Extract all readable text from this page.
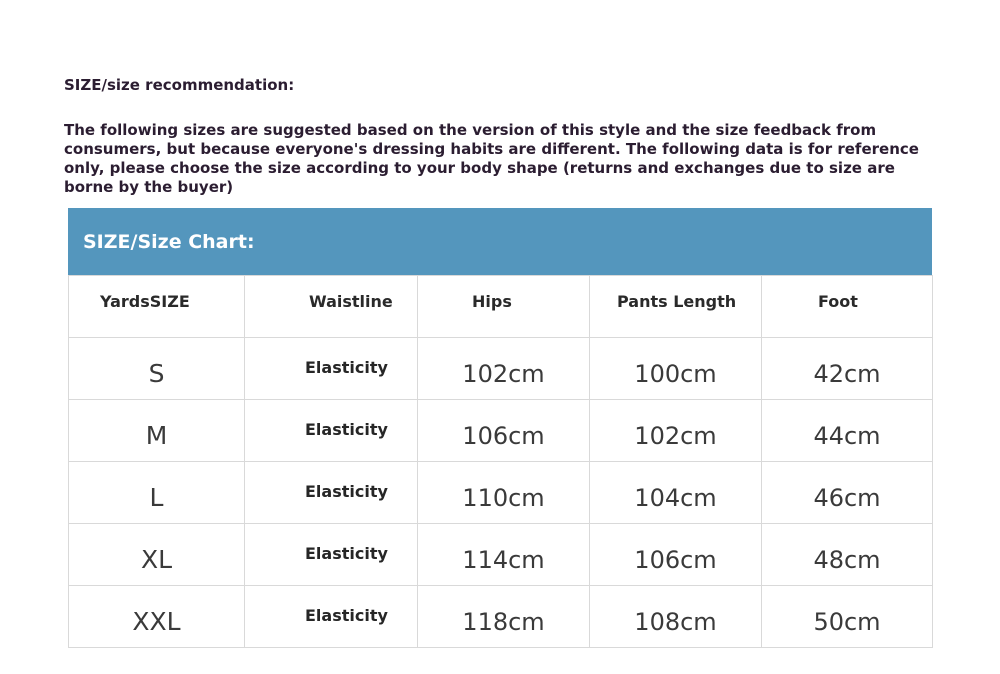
SIZE/size recommendation:

The following sizes are suggested based on the version of this style and the size feedback from consumers, but because everyone's dressing habits are different. The following data is for reference only, please choose the size according to your body shape (returns and exchanges due to size are borne by the buyer)

SIZE/Size Chart:
YardsSIZE	Waistline	Hips	Pants Length	Foot
S	Elasticity	102cm	100cm	42cm
M	Elasticity	106cm	102cm	44cm
L	Elasticity	110cm	104cm	46cm
XL	Elasticity	114cm	106cm	48cm
XXL	Elasticity	118cm	108cm	50cm
